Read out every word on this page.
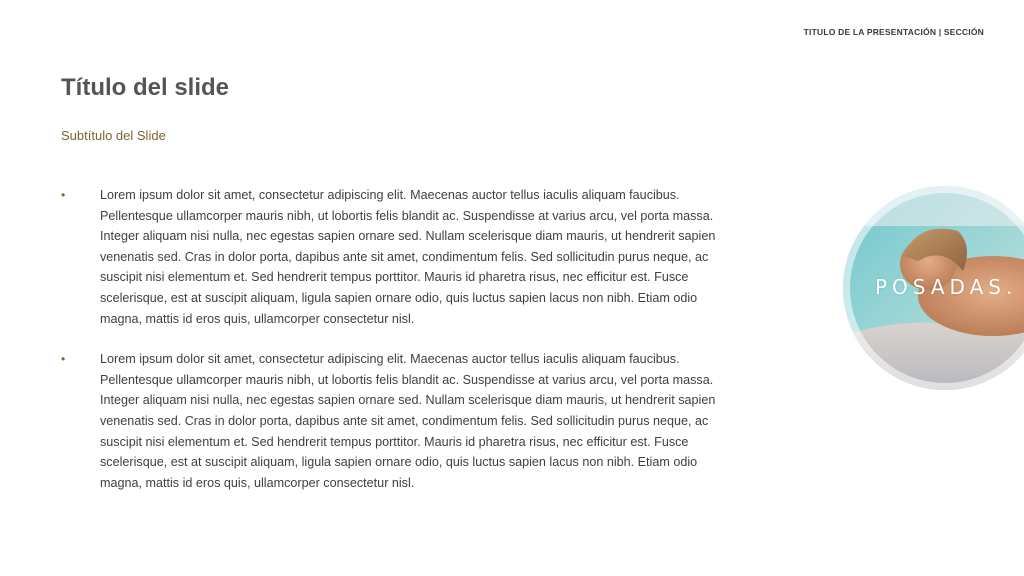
TITULO DE LA PRESENTACIÓN | SECCIÓN
Título del slide
Subtítulo del Slide
•	Lorem ipsum dolor sit amet, consectetur adipiscing elit. Maecenas auctor tellus iaculis aliquam faucibus. Pellentesque ullamcorper mauris nibh, ut lobortis felis blandit ac. Suspendisse at varius arcu, vel porta massa. Integer aliquam nisi nulla, nec egestas sapien ornare sed. Nullam scelerisque diam mauris, ut hendrerit sapien venenatis sed. Cras in dolor porta, dapibus ante sit amet, condimentum felis. Sed sollicitudin purus neque, ac suscipit nisi elementum et. Sed hendrerit tempus porttitor. Mauris id pharetra risus, nec efficitur est. Fusce scelerisque, est at suscipit aliquam, ligula sapien ornare odio, quis luctus sapien lacus non nibh. Etiam odio magna, mattis id eros quis, ullamcorper consectetur nisl.
•	Lorem ipsum dolor sit amet, consectetur adipiscing elit. Maecenas auctor tellus iaculis aliquam faucibus. Pellentesque ullamcorper mauris nibh, ut lobortis felis blandit ac. Suspendisse at varius arcu, vel porta massa. Integer aliquam nisi nulla, nec egestas sapien ornare sed. Nullam scelerisque diam mauris, ut hendrerit sapien venenatis sed. Cras in dolor porta, dapibus ante sit amet, condimentum felis. Sed sollicitudin purus neque, ac suscipit nisi elementum et. Sed hendrerit tempus porttitor. Mauris id pharetra risus, nec efficitur est. Fusce scelerisque, est at suscipit aliquam, ligula sapien ornare odio, quis luctus sapien lacus non nibh. Etiam odio magna, mattis id eros quis, ullamcorper consectetur nisl.
POSADAS.
